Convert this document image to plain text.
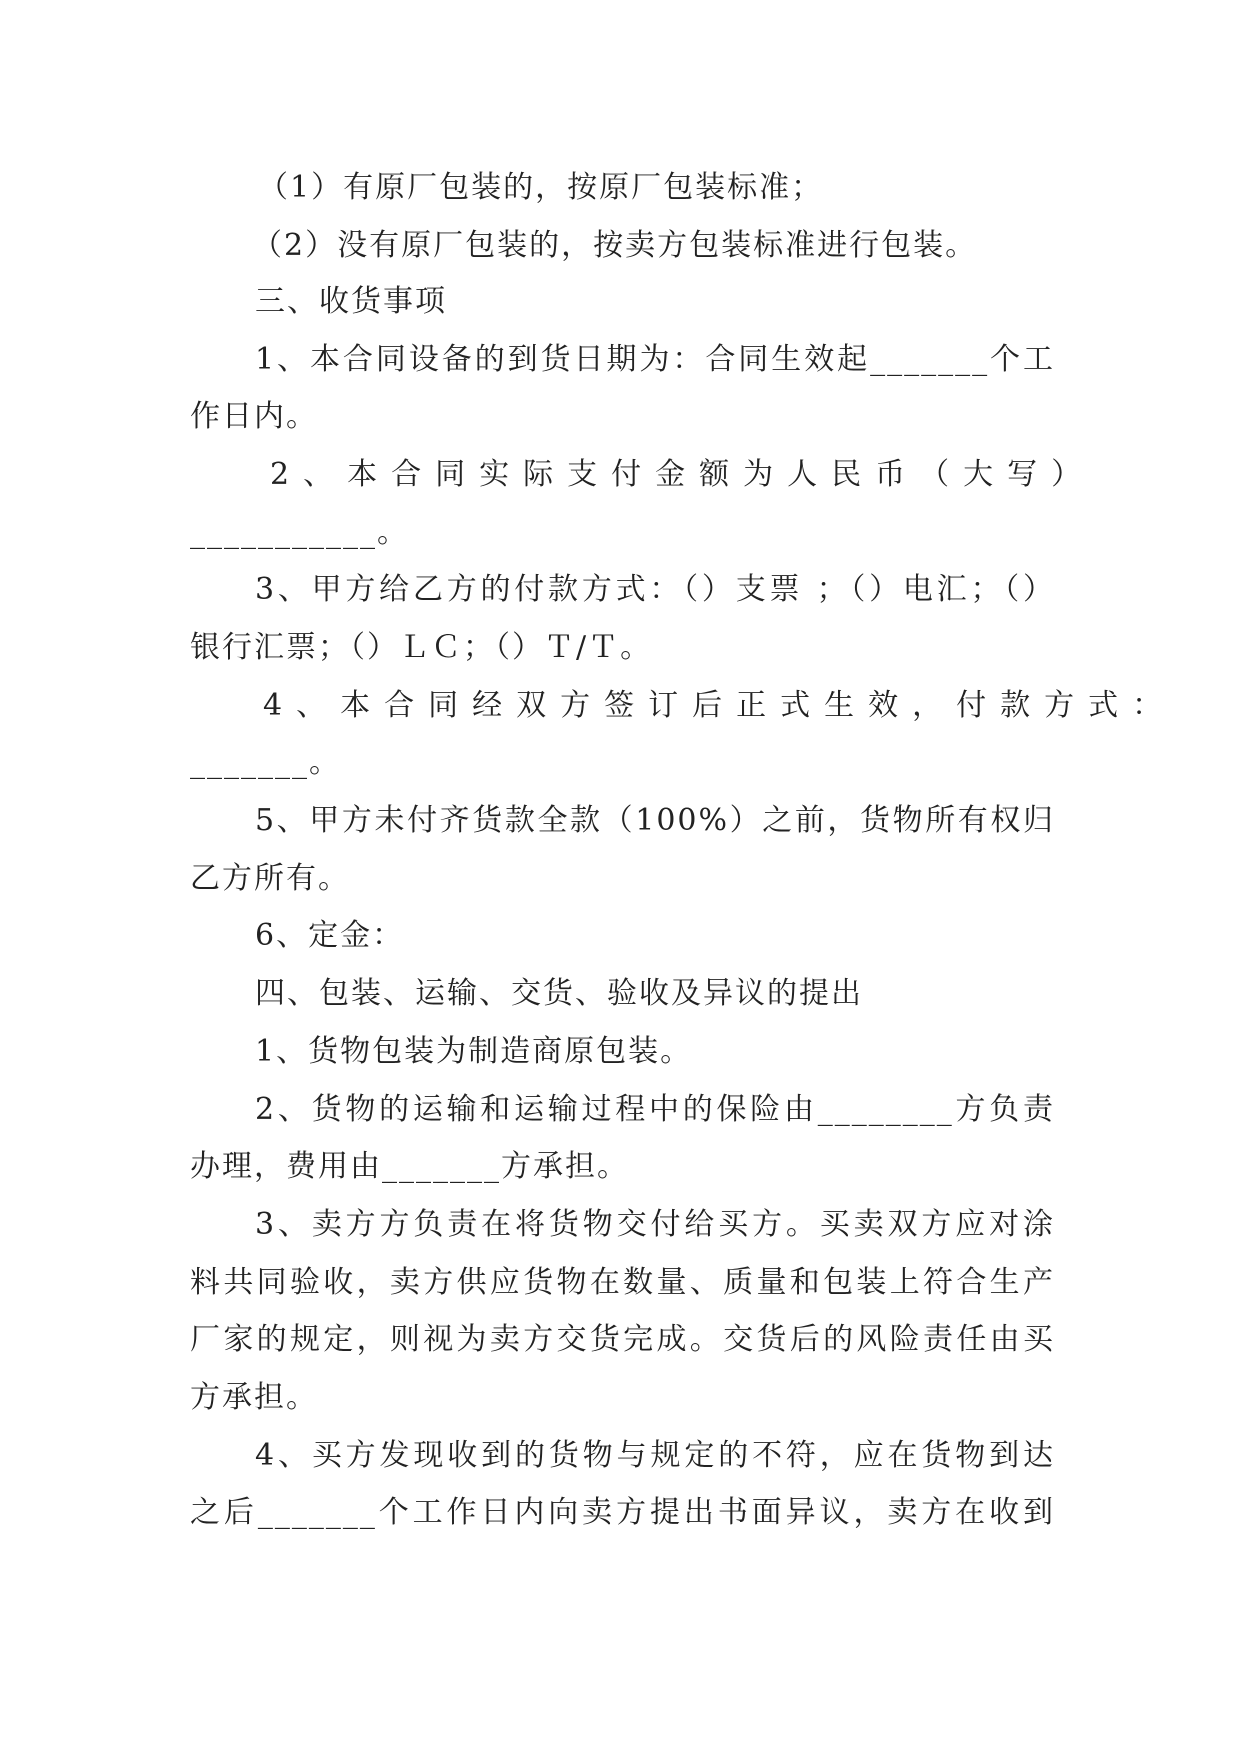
（1）有原厂包装的，按原厂包装标准；
（2）没有原厂包装的，按卖方包装标准进行包装。
三、收货事项
1、本合同设备的到货日期为：合同生效起_______个工
作日内。
2、本合同实际支付金额为人民币（大写）
___________。
3、甲方给乙方的付款方式：（）支票 ；（）电汇；（）
银行汇票；（）ＬＣ；（）Ｔ/Ｔ。
4、本合同经双方签订后正式生效，付款方式：
_______。
5、甲方未付齐货款全款（100%）之前，货物所有权归
乙方所有。
6、定金：
四、包装、运输、交货、验收及异议的提出
1、货物包装为制造商原包装。
2、货物的运输和运输过程中的保险由________方负责
办理，费用由_______方承担。
3、卖方方负责在将货物交付给买方。买卖双方应对涂
料共同验收，卖方供应货物在数量、质量和包装上符合生产
厂家的规定，则视为卖方交货完成。交货后的风险责任由买
方承担。
4、买方发现收到的货物与规定的不符，应在货物到达
之后_______个工作日内向卖方提出书面异议，卖方在收到
